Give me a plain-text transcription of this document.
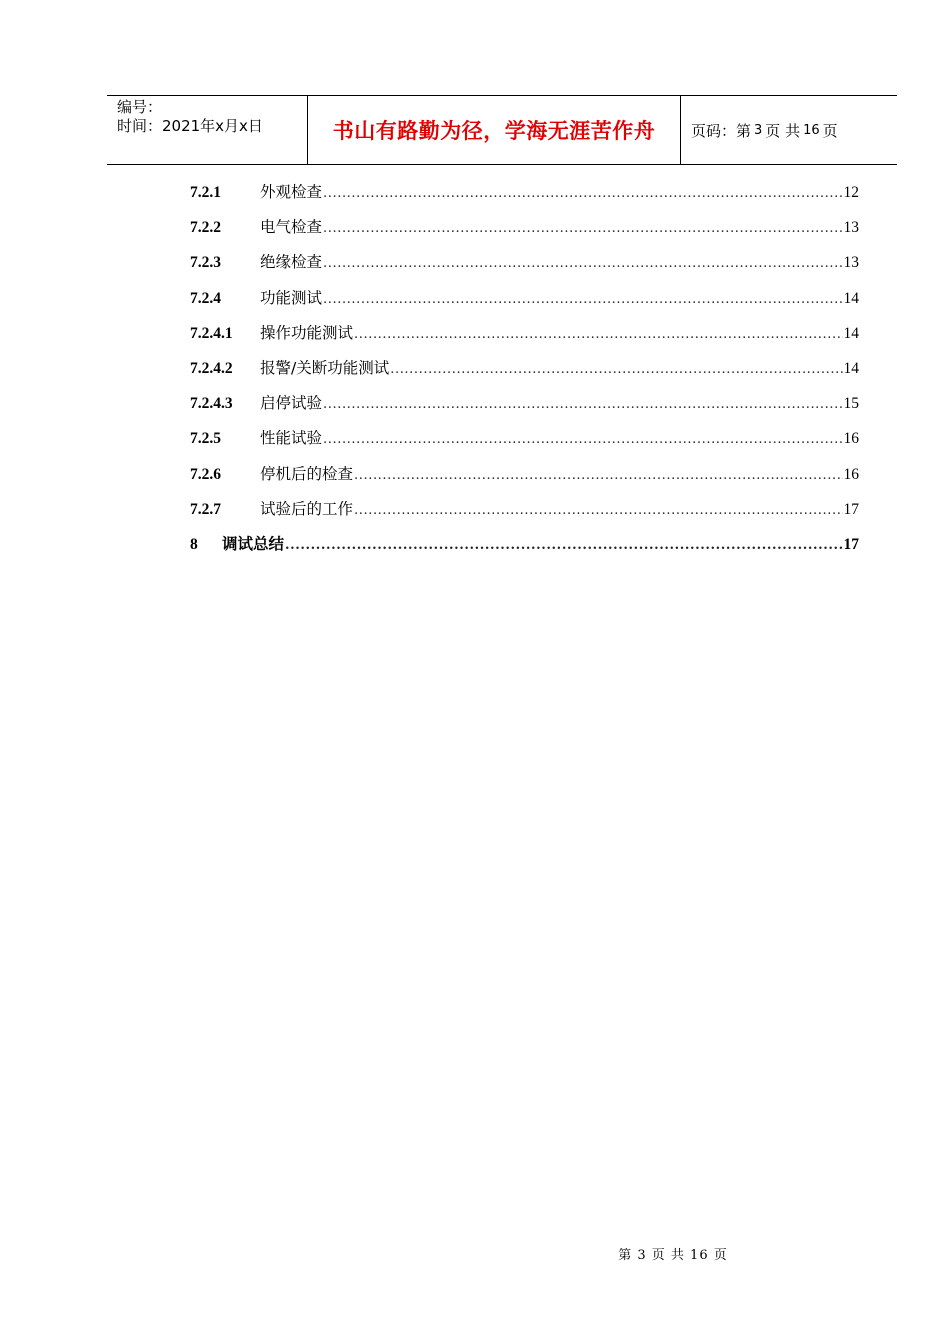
编号：
时间：2021年x月x日	书山有路勤为径，学海无涯苦作舟 页码：第 3 页 共 16 页
7.2.1	外观检查 .....	12
7.2.2	电气检查 .....	13
7.2.3	绝缘检查 .....	13
7.2.4	功能测试 .....	14
7.2.4.1	操作功能测试 .....	14
7.2.4.2	报警/关断功能测试 .....	14
7.2.4.3	启停试验 .....	15
7.2.5	性能试验 .....	16
7.2.6	停机后的检查 .....	16
7.2.7	试验后的工作 .....	17
8	调试总结 .....	17
第 3 页 共 16 页
